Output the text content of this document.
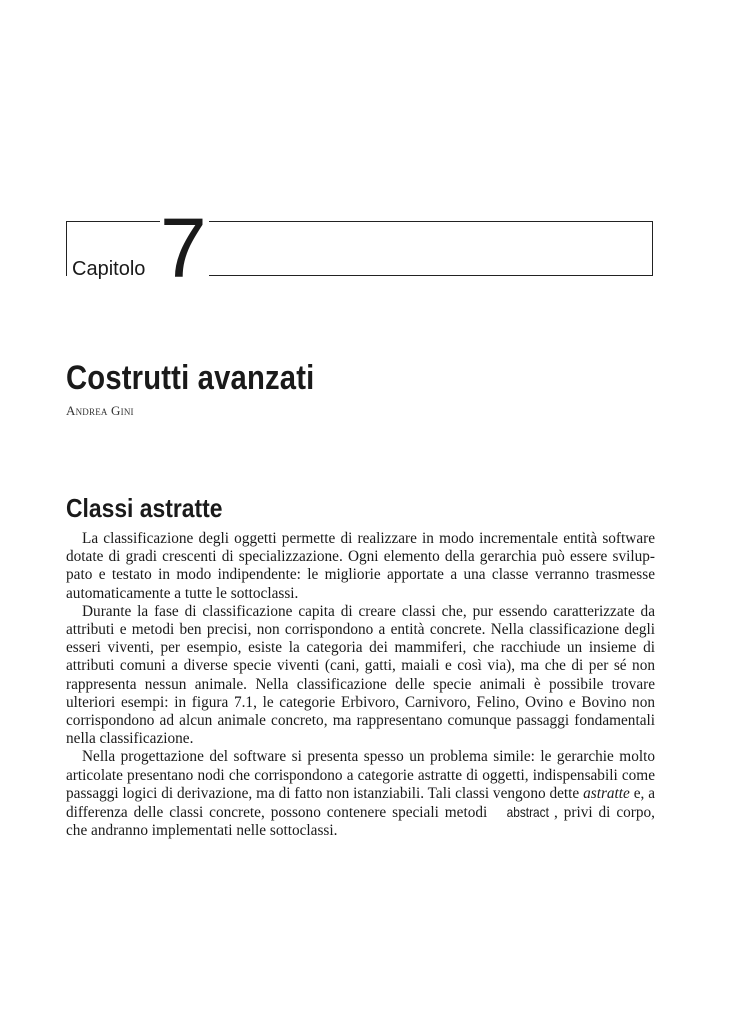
Capitolo 7
Costrutti avanzati
Andrea Gini
Classi astratte

La classificazione degli oggetti permette di realizzare in modo incrementale entità software dotate di gradi crescenti di specializzazione. Ogni elemento della gerarchia può essere sviluppato e testato in modo indipendente: le migliorie apportate a una classe verranno trasmesse automaticamente a tutte le sottoclassi.

Durante la fase di classificazione capita di creare classi che, pur essendo caratterizzate da attributi e metodi ben precisi, non corrispondono a entità concrete. Nella classificazione degli esseri viventi, per esempio, esiste la categoria dei mammiferi, che racchiude un insieme di attributi comuni a diverse specie viventi (cani, gatti, maiali e così via), ma che di per sé non rappresenta nessun animale. Nella classificazione delle specie animali è possibile trovare ulteriori esempi: in figura 7.1, le categorie Erbivoro, Carnivoro, Felino, Ovino e Bovino non corrispondono ad alcun animale concreto, ma rappresentano comunque passaggi fondamentali nella classificazione.

Nella progettazione del software si presenta spesso un problema simile: le gerarchie molto articolate presentano nodi che corrispondono a categorie astratte di oggetti, indispensabili come passaggi logici di derivazione, ma di fatto non istanziabili. Tali classi vengono dette astratte e, a differenza delle classi concrete, possono contenere speciali metodi abstract , privi di corpo, che andranno implementati nelle sottoclassi.
